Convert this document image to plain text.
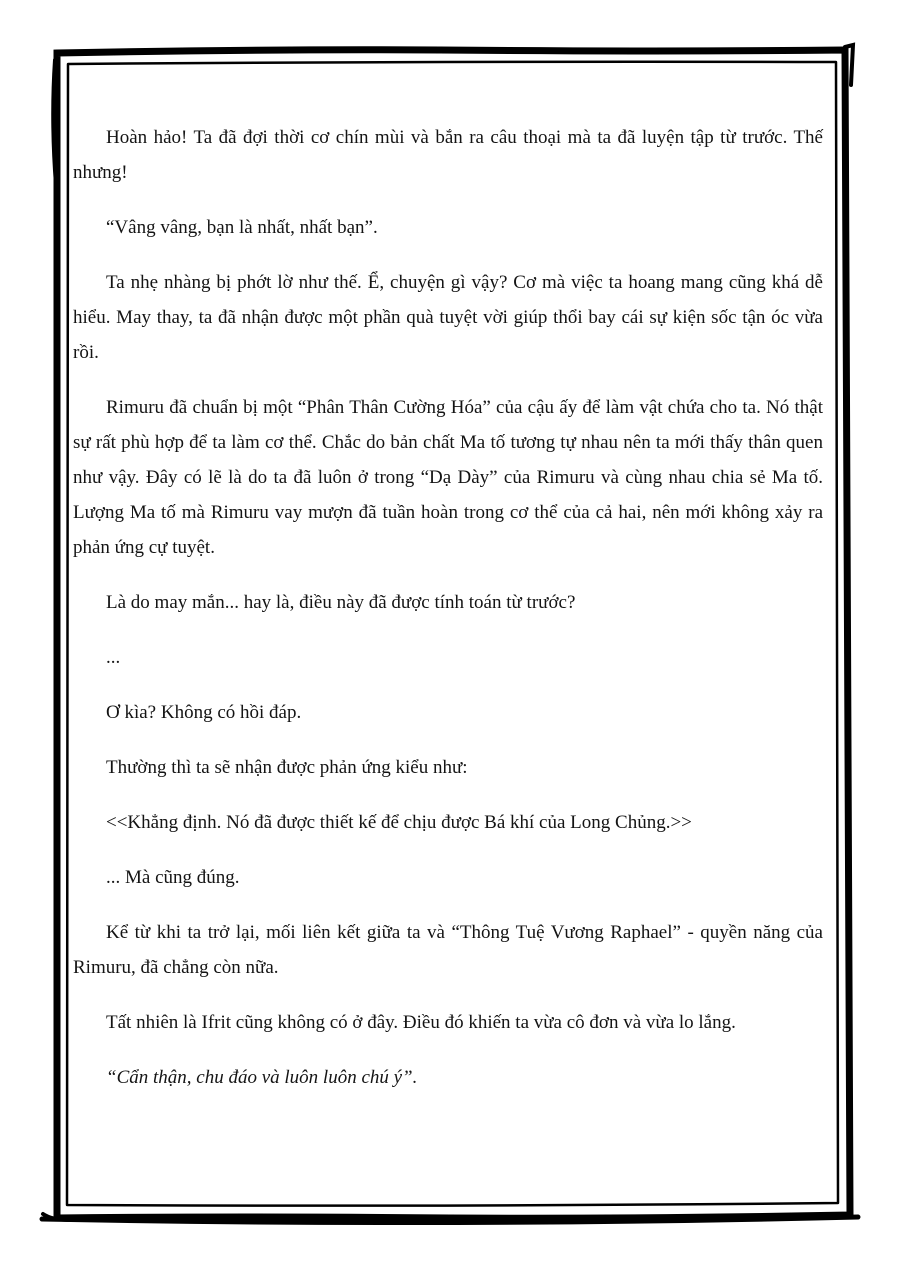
Hoàn hảo! Ta đã đợi thời cơ chín mùi và bắn ra câu thoại mà ta đã luyện tập từ trước. Thế nhưng!

“Vâng vâng, bạn là nhất, nhất bạn”.

Ta nhẹ nhàng bị phớt lờ như thế. Ể, chuyện gì vậy? Cơ mà việc ta hoang mang cũng khá dễ hiểu. May thay, ta đã nhận được một phần quà tuyệt vời giúp thổi bay cái sự kiện sốc tận óc vừa rồi.

Rimuru đã chuẩn bị một “Phân Thân Cường Hóa” của cậu ấy để làm vật chứa cho ta. Nó thật sự rất phù hợp để ta làm cơ thể. Chắc do bản chất Ma tố tương tự nhau nên ta mới thấy thân quen như vậy. Đây có lẽ là do ta đã luôn ở trong “Dạ Dày” của Rimuru và cùng nhau chia sẻ Ma tố. Lượng Ma tố mà Rimuru vay mượn đã tuần hoàn trong cơ thể của cả hai, nên mới không xảy ra phản ứng cự tuyệt.

Là do may mắn... hay là, điều này đã được tính toán từ trước?

...

Ơ kìa? Không có hồi đáp.

Thường thì ta sẽ nhận được phản ứng kiểu như:

<<Khẳng định. Nó đã được thiết kế để chịu được Bá khí của Long Chủng.>>

... Mà cũng đúng.

Kể từ khi ta trở lại, mối liên kết giữa ta và “Thông Tuệ Vương Raphael” - quyền năng của Rimuru, đã chẳng còn nữa.

Tất nhiên là Ifrit cũng không có ở đây. Điều đó khiến ta vừa cô đơn và vừa lo lắng.

“Cẩn thận, chu đáo và luôn luôn chú ý”.
